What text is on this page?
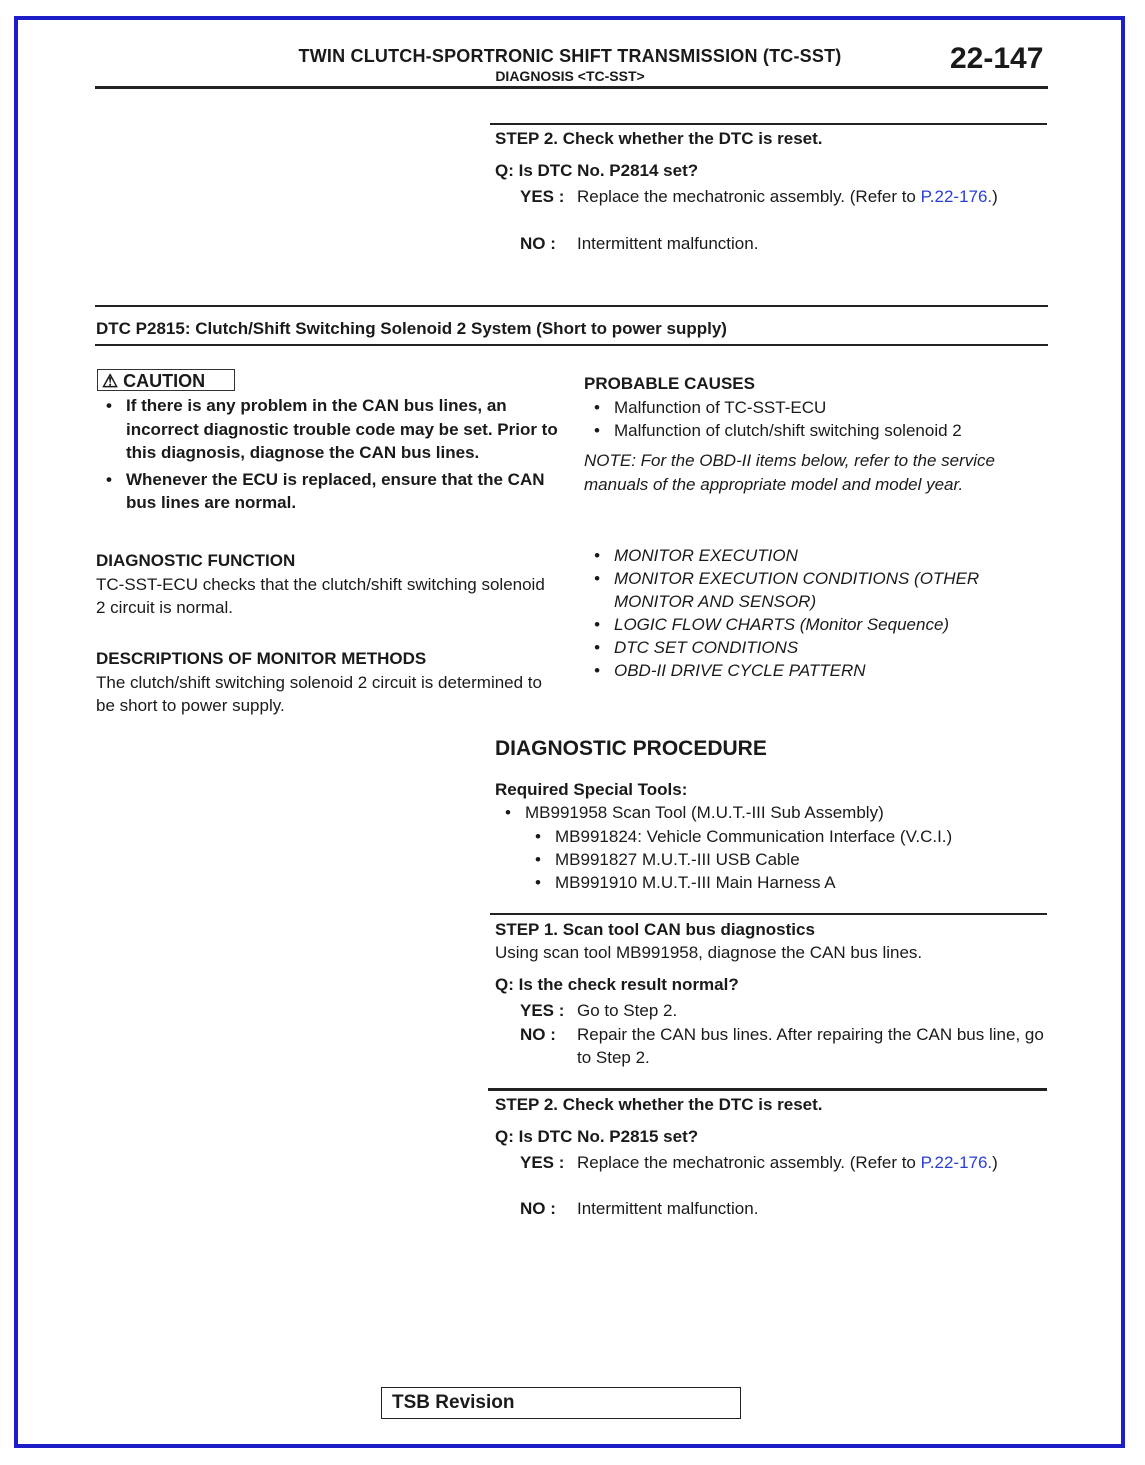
TWIN CLUTCH-SPORTRONIC SHIFT TRANSMISSION (TC-SST)
DIAGNOSIS <TC-SST>
22-147
STEP 2. Check whether the DTC is reset.
Q: Is DTC No. P2814 set?
YES : Replace the mechatronic assembly. (Refer to P.22-176.)
NO : Intermittent malfunction.
DTC P2815: Clutch/Shift Switching Solenoid 2 System (Short to power supply)
⚠ CAUTION
• If there is any problem in the CAN bus lines, an incorrect diagnostic trouble code may be set. Prior to this diagnosis, diagnose the CAN bus lines.
• Whenever the ECU is replaced, ensure that the CAN bus lines are normal.
DIAGNOSTIC FUNCTION
TC-SST-ECU checks that the clutch/shift switching solenoid 2 circuit is normal.
DESCRIPTIONS OF MONITOR METHODS
The clutch/shift switching solenoid 2 circuit is determined to be short to power supply.
PROBABLE CAUSES
• Malfunction of TC-SST-ECU
• Malfunction of clutch/shift switching solenoid 2
NOTE: For the OBD-II items below, refer to the service manuals of the appropriate model and model year.
• MONITOR EXECUTION
• MONITOR EXECUTION CONDITIONS (OTHER MONITOR AND SENSOR)
• LOGIC FLOW CHARTS (Monitor Sequence)
• DTC SET CONDITIONS
• OBD-II DRIVE CYCLE PATTERN
DIAGNOSTIC PROCEDURE
Required Special Tools:
• MB991958 Scan Tool (M.U.T.-III Sub Assembly)
• MB991824: Vehicle Communication Interface (V.C.I.)
• MB991827 M.U.T.-III USB Cable
• MB991910 M.U.T.-III Main Harness A
STEP 1. Scan tool CAN bus diagnostics
Using scan tool MB991958, diagnose the CAN bus lines.
Q: Is the check result normal?
YES : Go to Step 2.
NO : Repair the CAN bus lines. After repairing the CAN bus line, go to Step 2.
STEP 2. Check whether the DTC is reset.
Q: Is DTC No. P2815 set?
YES : Replace the mechatronic assembly. (Refer to P.22-176.)
NO : Intermittent malfunction.
TSB Revision
